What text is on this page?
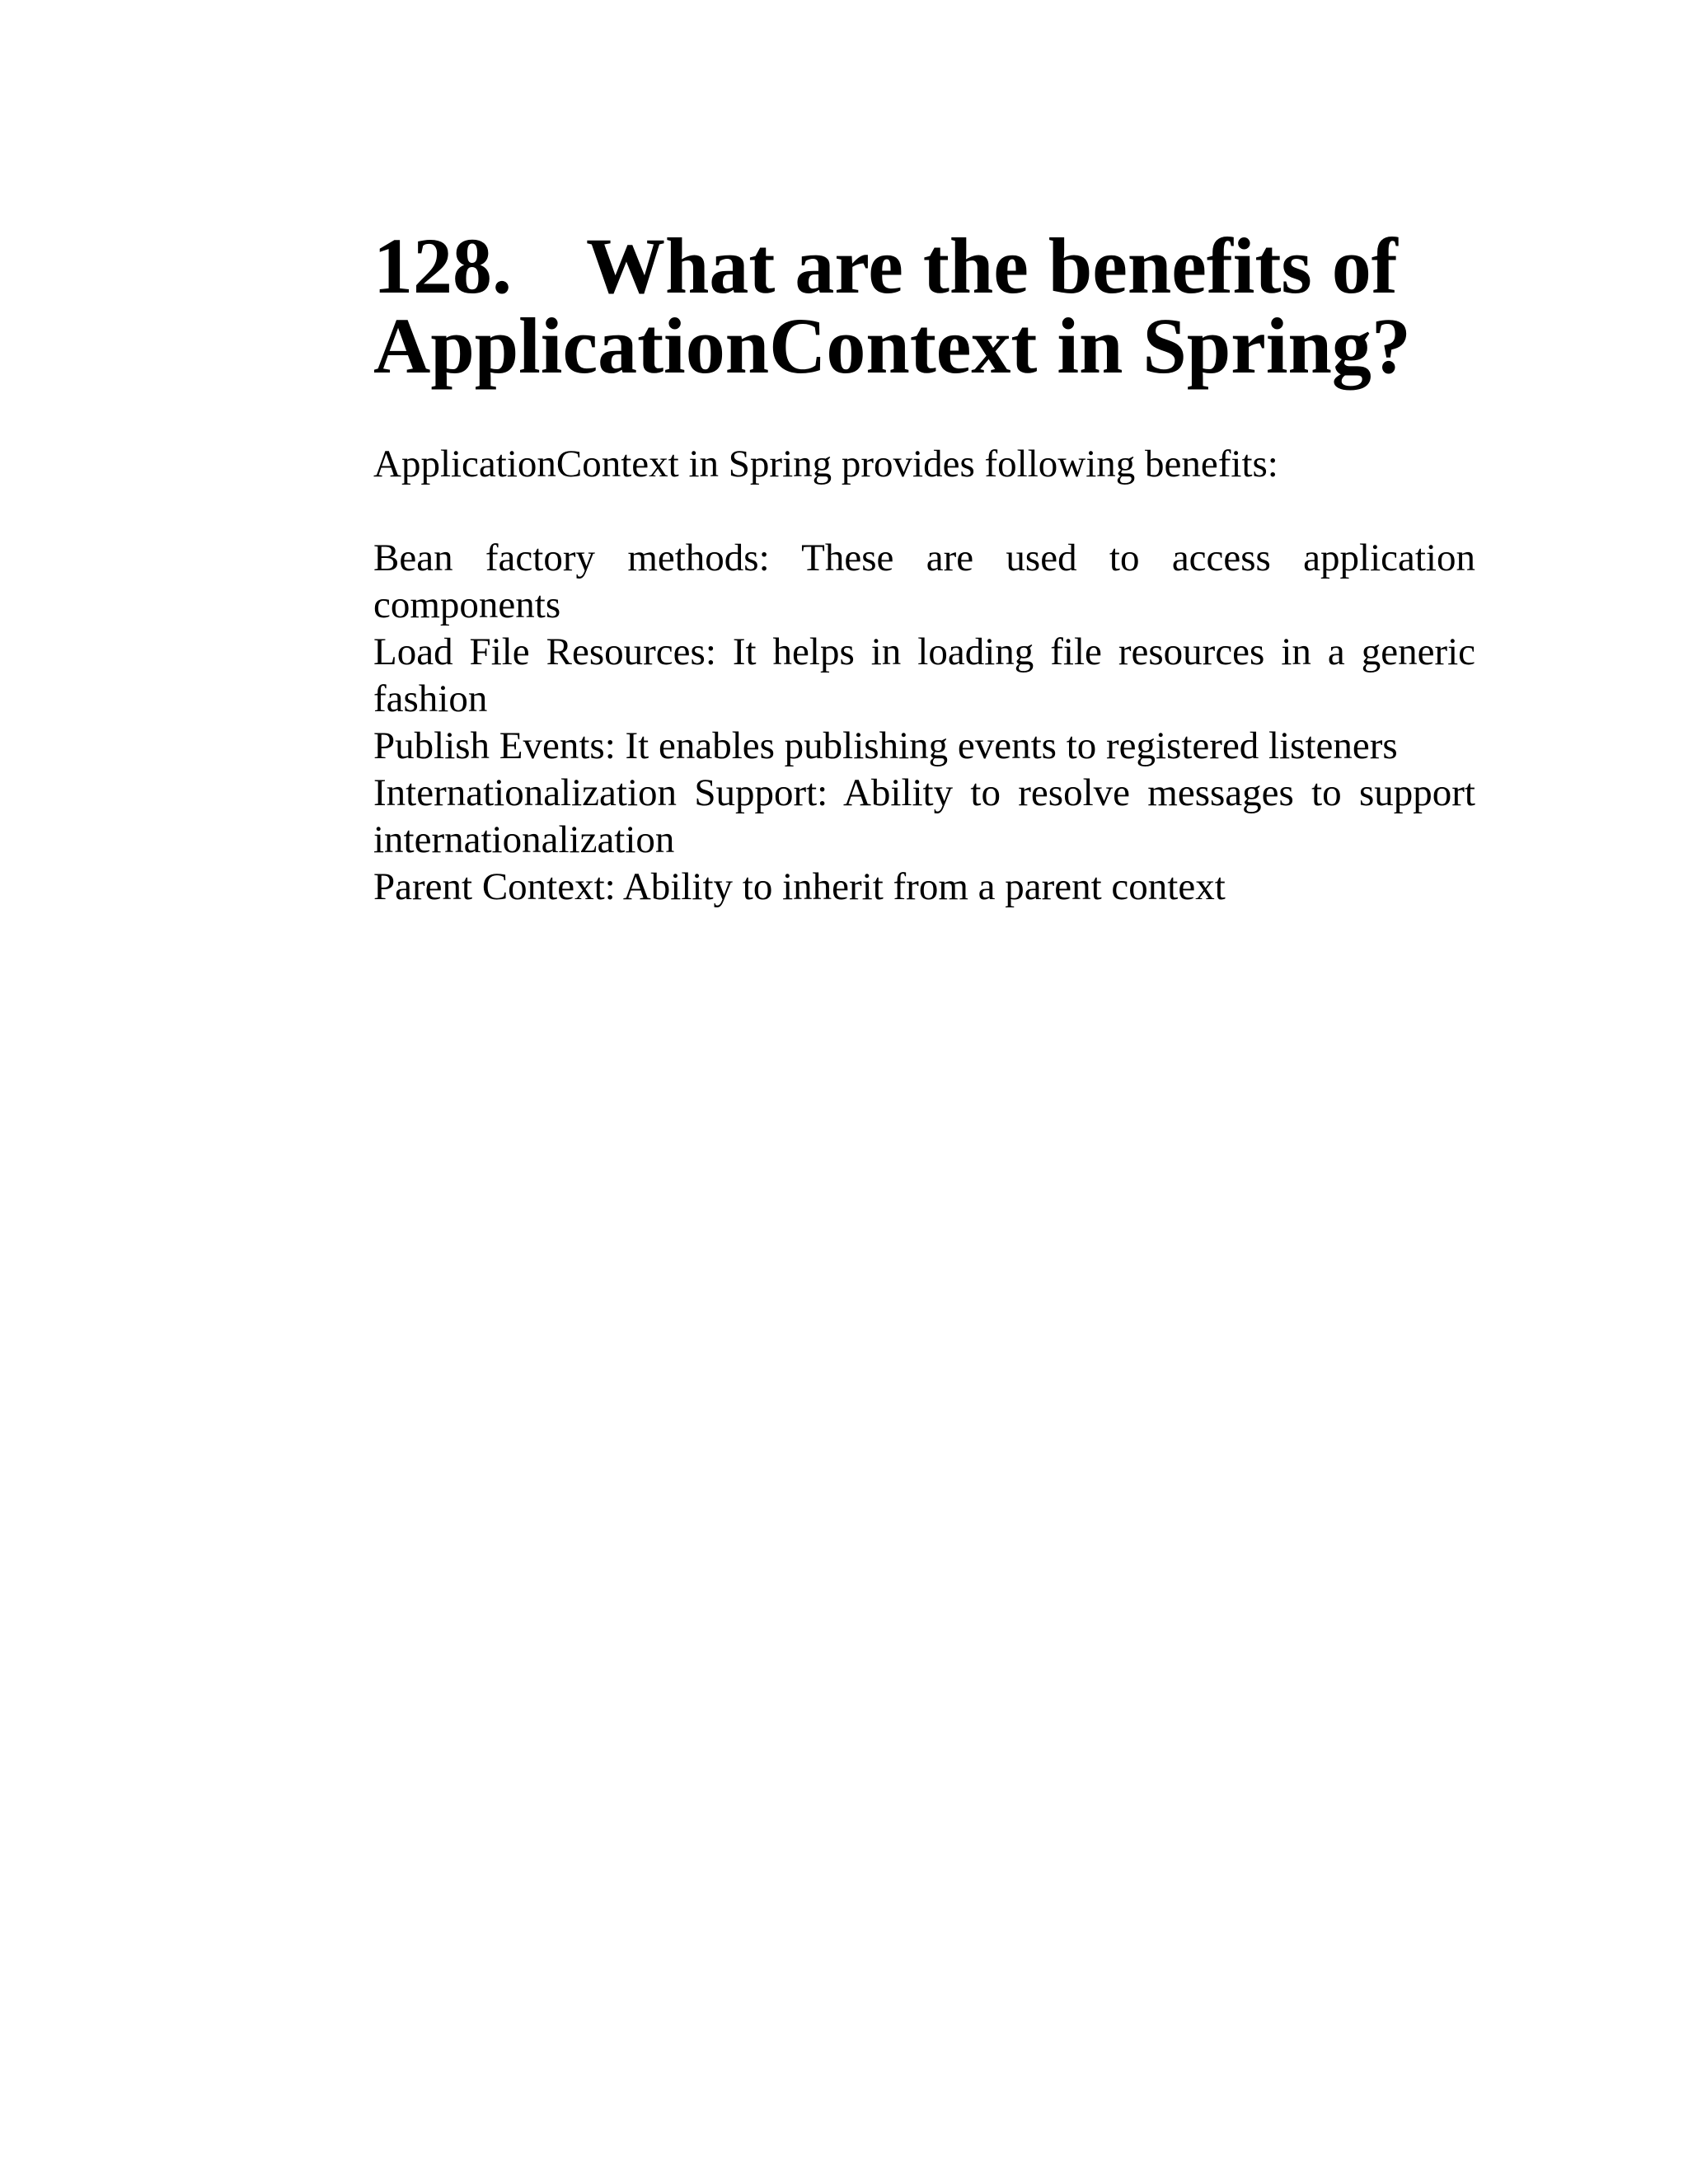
128. What are the benefits of
ApplicationContext in Spring?

ApplicationContext in Spring provides following benefits:

Bean factory methods: These are used to access application components

Load File Resources: It helps in loading file resources in a generic fashion

Publish Events: It enables publishing events to registered listeners

Internationalization Support: Ability to resolve messages to support internationalization

Parent Context: Ability to inherit from a parent context
